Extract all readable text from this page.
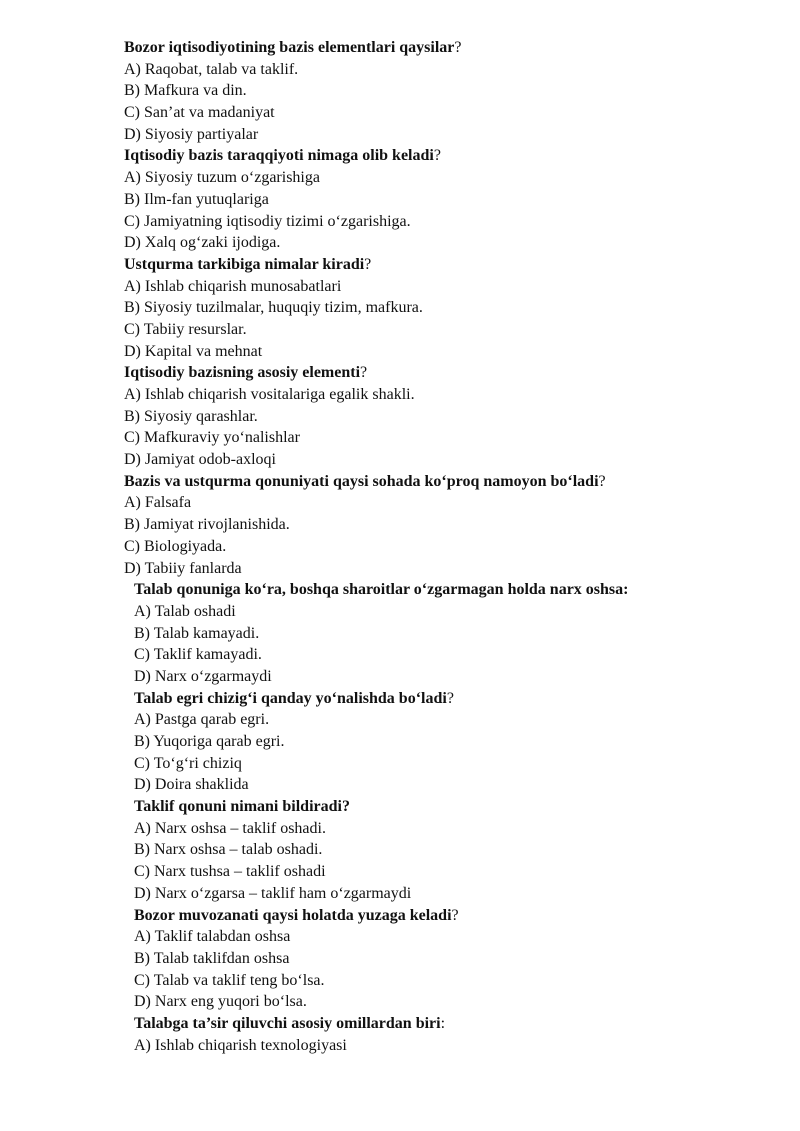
Bozor iqtisodiyotining bazis elementlari qaysilar?
A) Raqobat, talab va taklif.
B) Mafkura va din.
C) San’at va madaniyat
D) Siyosiy partiyalar
Iqtisodiy bazis taraqqiyoti nimaga olib keladi?
A) Siyosiy tuzum o‘zgarishiga
B) Ilm-fan yutuqlariga
C) Jamiyatning iqtisodiy tizimi o‘zgarishiga.
D) Xalq og‘zaki ijodiga.
Ustqurma tarkibiga nimalar kiradi?
A) Ishlab chiqarish munosabatlari
B) Siyosiy tuzilmalar, huquqiy tizim, mafkura.
C) Tabiiy resurslar.
D) Kapital va mehnat
Iqtisodiy bazisning asosiy elementi?
A) Ishlab chiqarish vositalariga egalik shakli.
B) Siyosiy qarashlar.
C) Mafkuraviy yo‘nalishlar
D) Jamiyat odob-axloqi
Bazis va ustqurma qonuniyati qaysi sohada ko‘proq namoyon bo‘ladi?
A) Falsafa
B) Jamiyat rivojlanishida.
C) Biologiyada.
D) Tabiiy fanlarda
Talab qonuniga ko‘ra, boshqa sharoitlar o‘zgarmagan holda narx oshsa:
A) Talab oshadi
B) Talab kamayadi.
C) Taklif kamayadi.
D) Narx o‘zgarmaydi
Talab egri chizig‘i qanday yo‘nalishda bo‘ladi?
A) Pastga qarab egri.
B) Yuqoriga qarab egri.
C) To‘g‘ri chiziq
D) Doira shaklida
Taklif qonuni nimani bildiradi?
A) Narx oshsa – taklif oshadi.
B) Narx oshsa – talab oshadi.
C) Narx tushsa – taklif oshadi
D) Narx o‘zgarsa – taklif ham o‘zgarmaydi
Bozor muvozanati qaysi holatda yuzaga keladi?
A) Taklif talabdan oshsa
B) Talab taklifdan oshsa
C) Talab va taklif teng bo‘lsa.
D) Narx eng yuqori bo‘lsa.
Talabga ta’sir qiluvchi asosiy omillardan biri:
A) Ishlab chiqarish texnologiyasi
